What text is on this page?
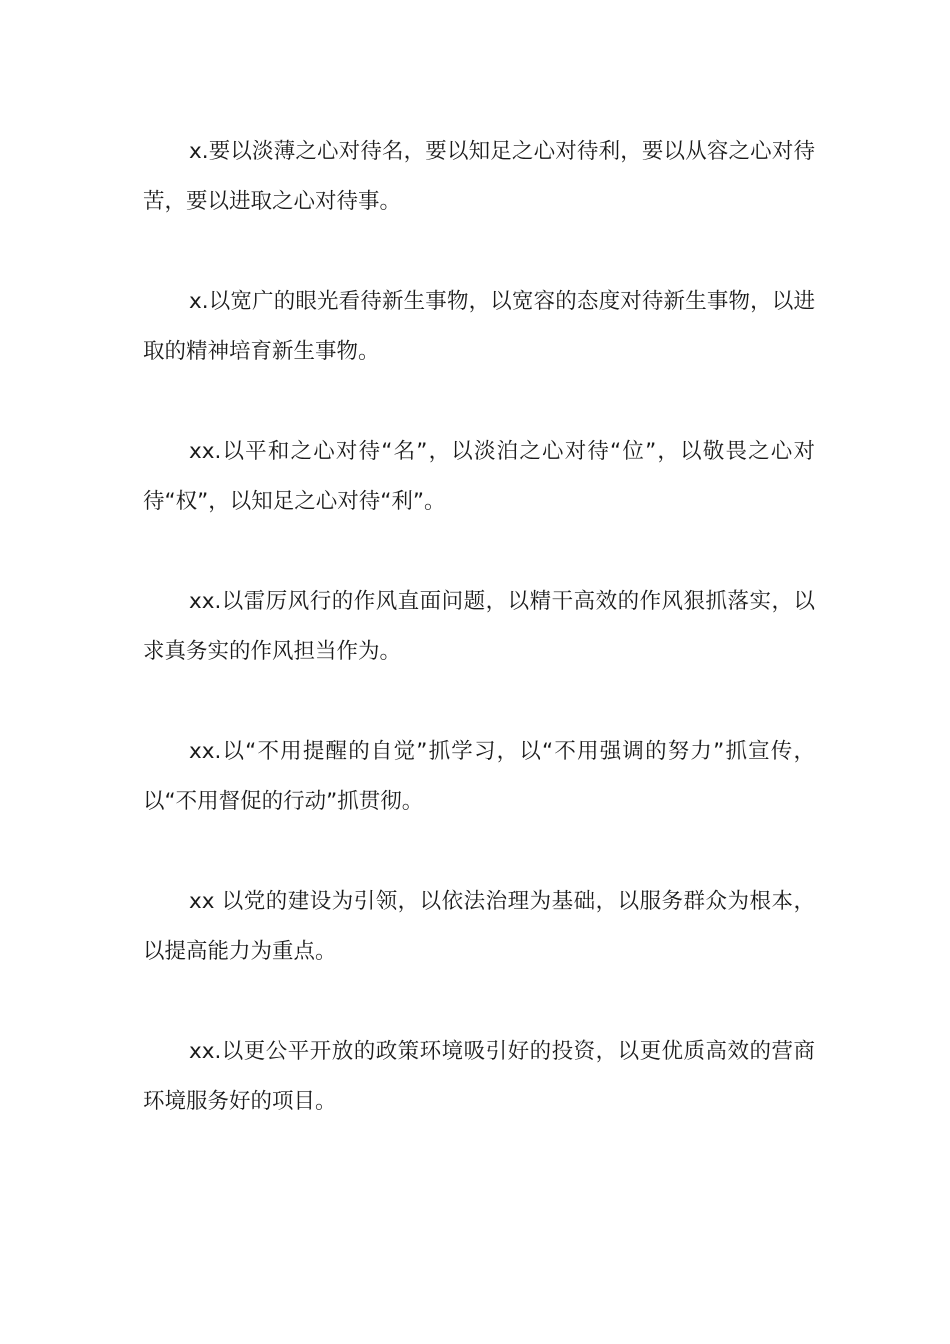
x.要以淡薄之心对待名，要以知足之心对待利，要以从容之心对待苦，要以进取之心对待事。

x.以宽广的眼光看待新生事物，以宽容的态度对待新生事物，以进取的精神培育新生事物。

xx.以平和之心对待“名”，以淡泊之心对待“位”，以敬畏之心对待“权”，以知足之心对待“利”。

xx.以雷厉风行的作风直面问题，以精干高效的作风狠抓落实，以求真务实的作风担当作为。

xx.以“不用提醒的自觉”抓学习，以“不用强调的努力”抓宣传，以“不用督促的行动”抓贯彻。

xx 以党的建设为引领，以依法治理为基础，以服务群众为根本，以提高能力为重点。

xx.以更公平开放的政策环境吸引好的投资，以更优质高效的营商环境服务好的项目。
